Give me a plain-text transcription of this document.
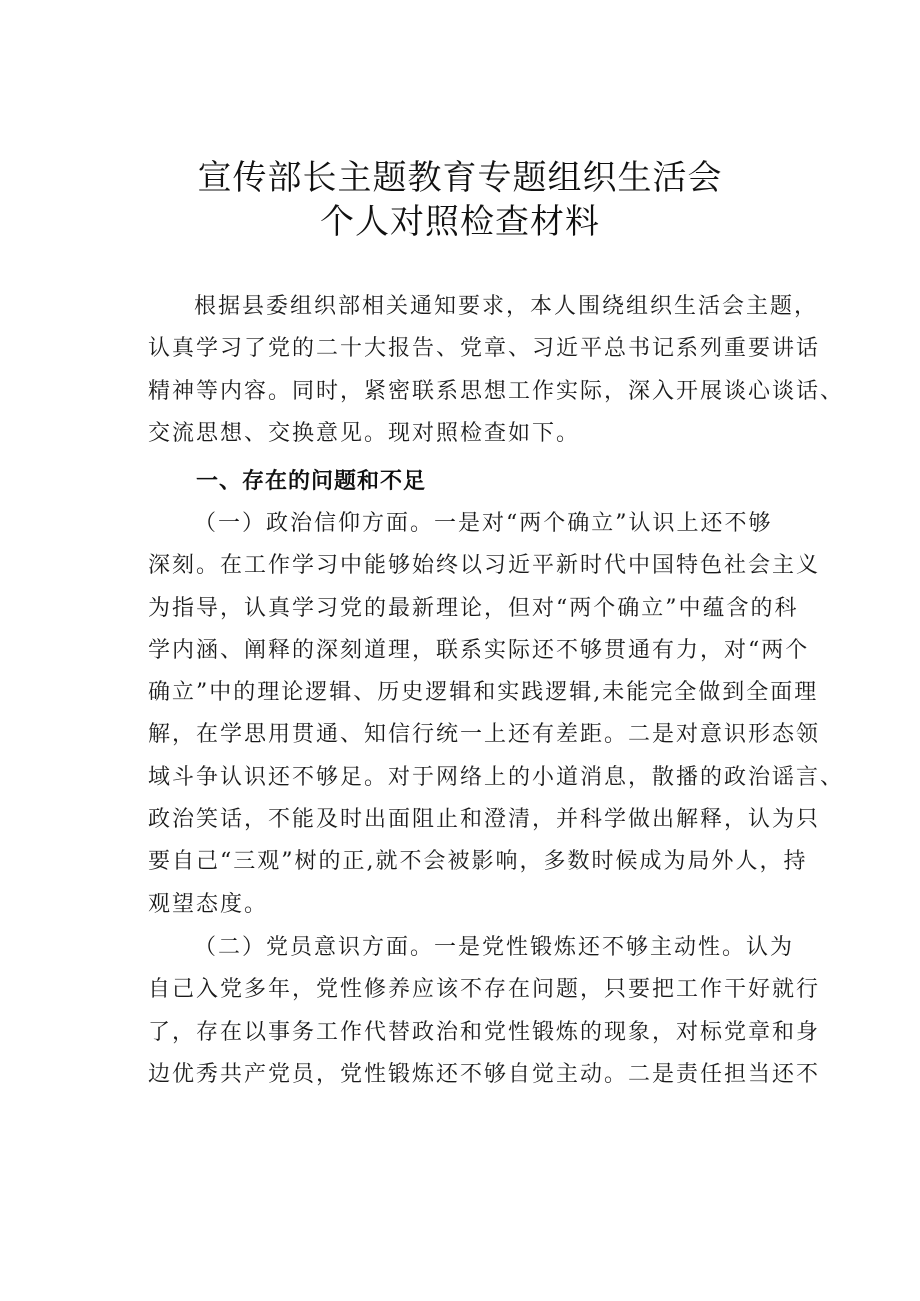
宣传部长主题教育专题组织生活会
个人对照检查材料
根据县委组织部相关通知要求，本人围绕组织生活会主题，
认真学习了党的二十大报告、党章、习近平总书记系列重要讲话
精神等内容。同时，紧密联系思想工作实际，深入开展谈心谈话、
交流思想、交换意见。现对照检查如下。
一、存在的问题和不足
（一）政治信仰方面。一是对“两个确立”认识上还不够
深刻。在工作学习中能够始终以习近平新时代中国特色社会主义
为指导，认真学习党的最新理论，但对“两个确立”中蕴含的科
学内涵、阐释的深刻道理，联系实际还不够贯通有力，对“两个
确立”中的理论逻辑、历史逻辑和实践逻辑,未能完全做到全面理
解，在学思用贯通、知信行统一上还有差距。二是对意识形态领
域斗争认识还不够足。对于网络上的小道消息，散播的政治谣言、
政治笑话，不能及时出面阻止和澄清，并科学做出解释，认为只
要自己“三观”树的正,就不会被影响，多数时候成为局外人，持
观望态度。
（二）党员意识方面。一是党性锻炼还不够主动性。认为
自己入党多年，党性修养应该不存在问题，只要把工作干好就行
了，存在以事务工作代替政治和党性锻炼的现象，对标党章和身
边优秀共产党员，党性锻炼还不够自觉主动。二是责任担当还不
